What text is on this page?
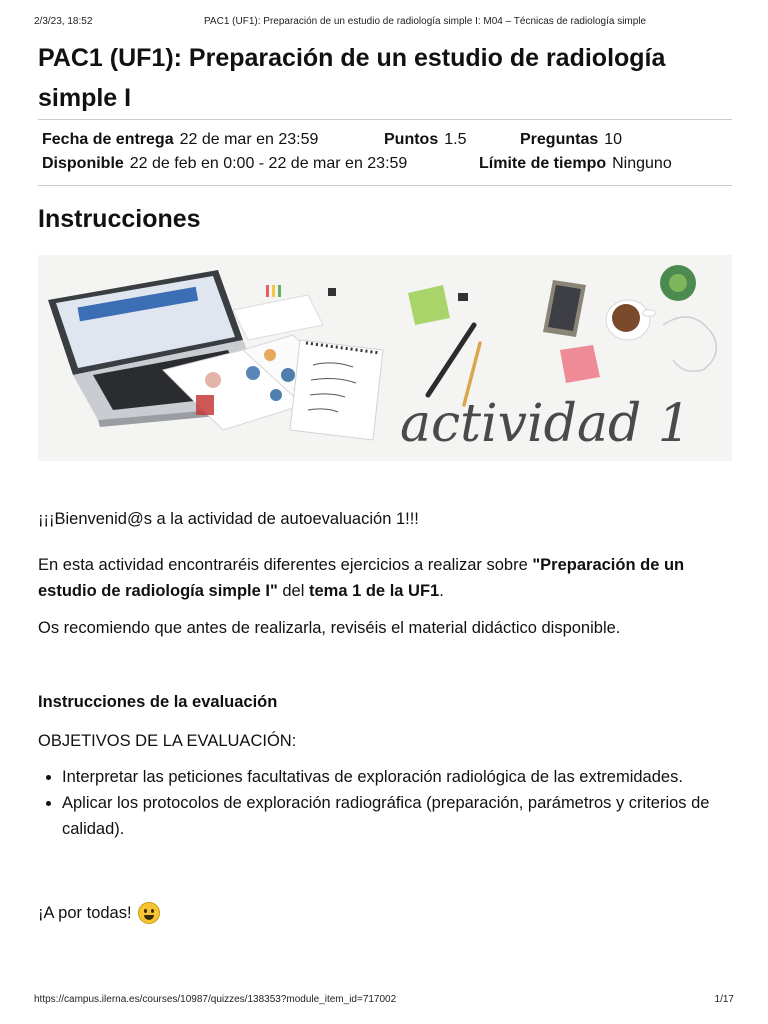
2/3/23, 18:52	PAC1 (UF1): Preparación de un estudio de radiología simple I: M04 – Técnicas de radiología simple
PAC1 (UF1): Preparación de un estudio de radiología simple I
Fecha de entrega 22 de mar en 23:59	Puntos 1.5	Preguntas 10
Disponible 22 de feb en 0:00 - 22 de mar en 23:59	Límite de tiempo Ninguno
Instrucciones
actividad 1

¡¡¡Bienvenid@s a la actividad de autoevaluación 1!!!

En esta actividad encontraréis diferentes ejercicios a realizar sobre "Preparación de un estudio de radiología simple I" del tema 1 de la UF1.

Os recomiendo que antes de realizarla, reviséis el material didáctico disponible.

Instrucciones de la evaluación

OBJETIVOS DE LA EVALUACIÓN:

Interpretar las peticiones facultativas de exploración radiológica de las extremidades.
Aplicar los protocolos de exploración radiográfica (preparación, parámetros y criterios de calidad).

¡A por todas!

https://campus.ilerna.es/courses/10987/quizzes/138353?module_item_id=717002	1/17
